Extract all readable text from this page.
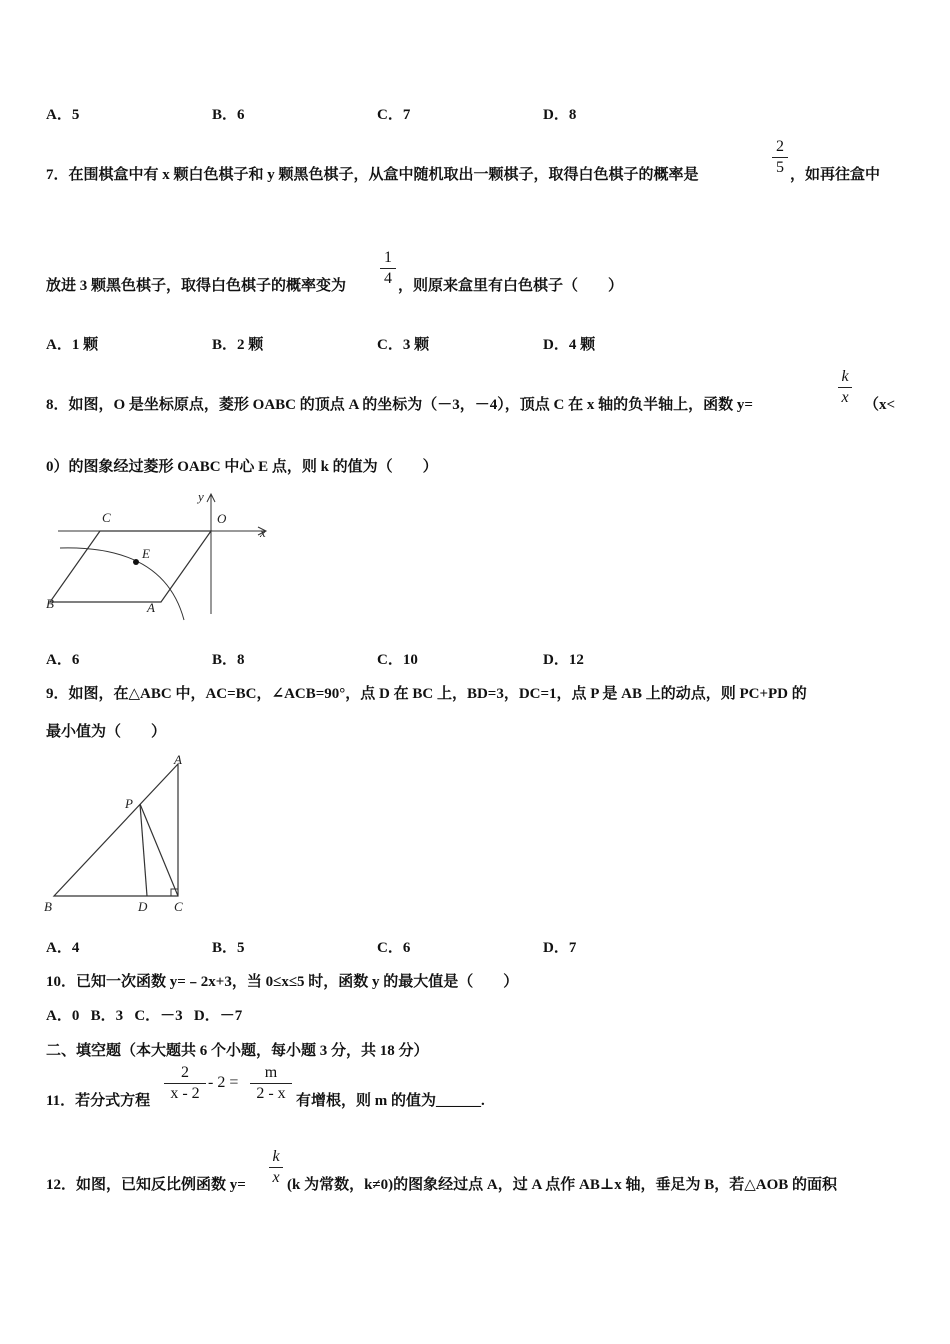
A．5	B．6	C．7	D．8
7．在围棋盒中有 x 颗白色棋子和 y 颗黑色棋子，从盒中随机取出一颗棋子，取得白色棋子的概率是
2
5 ，如再往盒中
放进 3 颗黑色棋子，取得白色棋子的概率变为
1
4 ，则原来盒里有白色棋子（　　）
A．1 颗	B．2 颗	C．3 颗	D．4 颗
8．如图，O 是坐标原点，菱形 OABC 的顶点 A 的坐标为（－3，－4），顶点 C 在 x 轴的负半轴上，函数 y=
k
x （x<
0）的图象经过菱形 OABC 中心 E 点，则 k 的值为（　　）
C	O
E
B	A
x
y
A．6	B．8	C．10	D．12
9．如图，在△ABC 中，AC=BC，∠ACB=90°，点 D 在 BC 上，BD=3，DC=1，点 P 是 AB 上的动点，则 PC+PD 的
最小值为（　　）
A
P
B	D C
A．4	B．5	C．6	D．7
10．已知一次函数 y=﹣2x+3，当 0≤x≤5 时，函数 y 的最大值是（　　）
A．0   B．3   C．－3   D．－7
二、填空题（本大题共 6 个小题，每小题 3 分，共 18 分）
11．若分式方程
2
x - 2
- 2 =
m
2 - x 有增根，则 m 的值为______.
12．如图，已知反比例函数 y=
k
x (k 为常数，k≠0)的图象经过点 A，过 A 点作 AB⊥x 轴，垂足为 B，若△AOB 的面积
